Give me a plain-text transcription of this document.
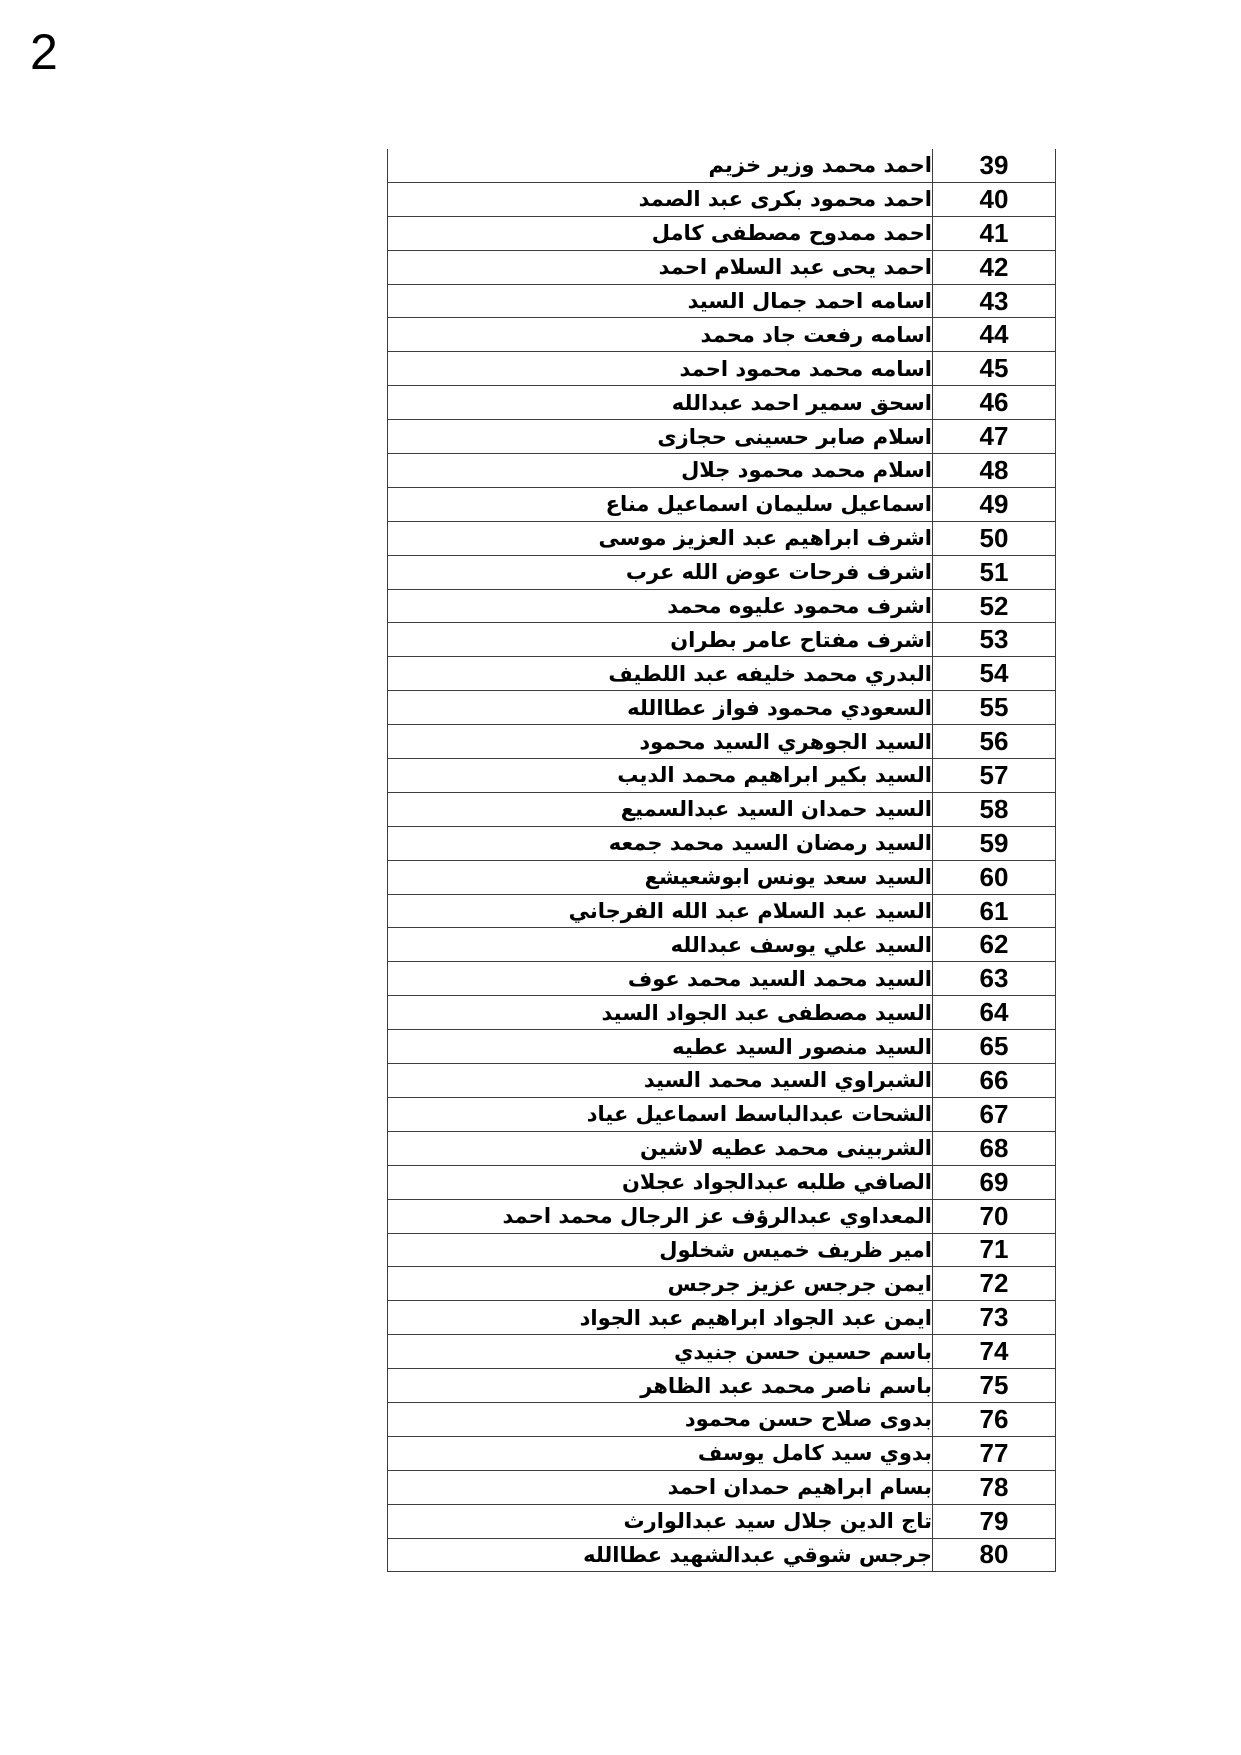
2
احمد محمد وزير خزيم	39
احمد محمود بكرى عبد الصمد	40
احمد ممدوح مصطفى كامل	41
احمد يحى عبد السلام احمد	42
اسامه احمد جمال السيد	43
اسامه رفعت جاد محمد	44
اسامه محمد محمود احمد	45
اسحق سمير احمد عبدالله	46
اسلام صابر حسينى حجازى	47
اسلام محمد محمود جلال	48
اسماعيل سليمان اسماعيل مناع	49
اشرف ابراهيم عبد العزيز موسى	50
اشرف فرحات عوض الله عرب	51
اشرف محمود عليوه محمد	52
اشرف مفتاح عامر بطران	53
البدري محمد خليفه عبد اللطيف	54
السعودي محمود فواز عطاالله	55
السيد الجوهري السيد محمود	56
السيد بكير ابراهيم محمد الديب	57
السيد حمدان السيد عبدالسميع	58
السيد رمضان السيد محمد جمعه	59
السيد سعد يونس ابوشعيشع	60
السيد عبد السلام عبد الله الفرجاني	61
السيد علي يوسف عبدالله	62
السيد محمد السيد محمد عوف	63
السيد مصطفى عبد الجواد السيد	64
السيد منصور السيد عطيه	65
الشبراوي السيد محمد السيد	66
الشحات عبدالباسط اسماعيل عياد	67
الشربينى محمد عطيه لاشين	68
الصافي طلبه عبدالجواد عجلان	69
المعداوي عبدالرؤف عز الرجال محمد احمد	70
امير ظريف خميس شخلول	71
ايمن جرجس عزيز جرجس	72
ايمن عبد الجواد ابراهيم عبد الجواد	73
باسم حسين حسن جنيدي	74
باسم ناصر محمد عبد الظاهر	75
بدوى صلاح حسن محمود	76
بدوي سيد كامل يوسف	77
بسام ابراهيم حمدان احمد	78
تاج الدين جلال سيد عبدالوارث	79
جرجس شوقي عبدالشهيد عطاالله	80
